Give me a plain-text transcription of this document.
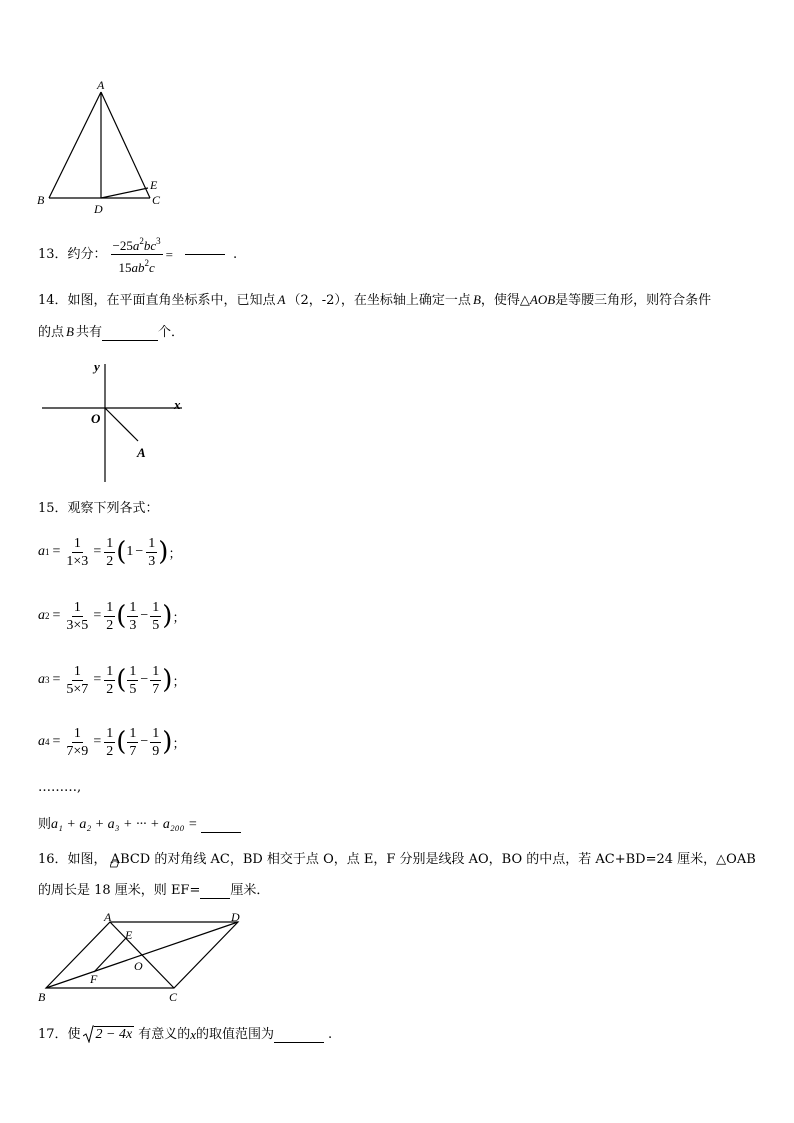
A
B	C
D
E
13．约分： $\frac{-25a^2bc^3}{15ab^2c}$ =	.
14．如图，在平面直角坐标系中，已知点 A （2，-2），在坐标轴上确定一点 B，使得△AOB是等腰三角形，则符合条件
的点 B 共有	个．
y
x
O
A
15．观察下列各式：
a $1 = \frac{1}{1\times 3} = \frac{1}{2}$ ( $1 - \frac{1}{3}$ ) ；
a $2 = \frac{1}{3\times 5} = \frac{1}{2}$ ( $\frac{1}{3} - \frac{1}{5}$ ) ；
a $3 = \frac{1}{5\times 7} = \frac{1}{2}$ ( $\frac{1}{5} - \frac{1}{7}$ ) ；
a $4 = \frac{1}{7\times 9} = \frac{1}{2}$ ( $\frac{1}{7} - \frac{1}{9}$ ) ；
………,
则a₁ + a₂ + a₃ + ··· + a₂₀₀ =
16．如图， ABCD 的对角线 AC，BD 相交于点 O，点 E，F 分别是线段 AO，BO 的中点，若 AC+BD=24 厘米，△OAB
的周长是 18 厘米，则 EF= 厘米．
A	D
E
O
F
B	C
17．使 2 − 4x 有意义的 x 的取值范围为	.
